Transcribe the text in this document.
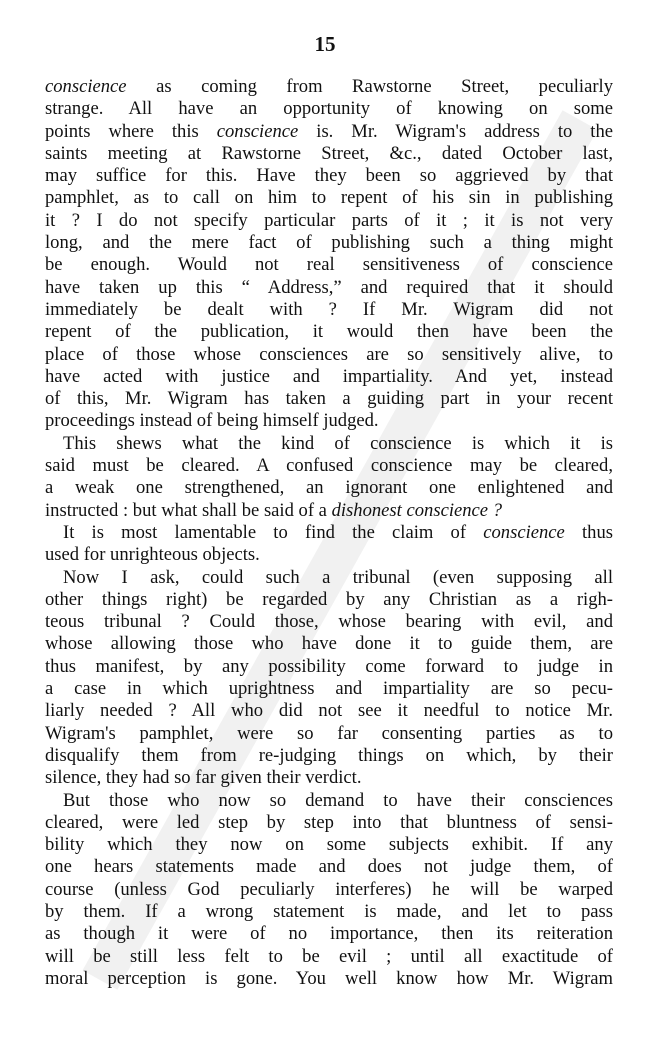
15
conscience as coming from Rawstorne Street, peculiarly
strange. All have an opportunity of knowing on some
points where this conscience is. Mr. Wigram's address to the
saints meeting at Rawstorne Street, &c., dated October last,
may suffice for this. Have they been so aggrieved by that
pamphlet, as to call on him to repent of his sin in publishing
it ? I do not specify particular parts of it ; it is not very
long, and the mere fact of publishing such a thing might
be enough. Would not real sensitiveness of conscience
have taken up this “ Address,” and required that it should
immediately be dealt with ? If Mr. Wigram did not
repent of the publication, it would then have been the
place of those whose consciences are so sensitively alive, to
have acted with justice and impartiality. And yet, instead
of this, Mr. Wigram has taken a guiding part in your recent
proceedings instead of being himself judged.
This shews what the kind of conscience is which it is
said must be cleared. A confused conscience may be cleared,
a weak one strengthened, an ignorant one enlightened and
instructed : but what shall be said of a dishonest conscience ?
It is most lamentable to find the claim of conscience thus
used for unrighteous objects.
Now I ask, could such a tribunal (even supposing all
other things right) be regarded by any Christian as a righ-
teous tribunal ? Could those, whose bearing with evil, and
whose allowing those who have done it to guide them, are
thus manifest, by any possibility come forward to judge in
a case in which uprightness and impartiality are so pecu-
liarly needed ? All who did not see it needful to notice Mr.
Wigram's pamphlet, were so far consenting parties as to
disqualify them from re-judging things on which, by their
silence, they had so far given their verdict.
But those who now so demand to have their consciences
cleared, were led step by step into that bluntness of sensi-
bility which they now on some subjects exhibit. If any
one hears statements made and does not judge them, of
course (unless God peculiarly interferes) he will be warped
by them. If a wrong statement is made, and let to pass
as though it were of no importance, then its reiteration
will be still less felt to be evil ; until all exactitude of
moral perception is gone. You well know how Mr. Wigram
